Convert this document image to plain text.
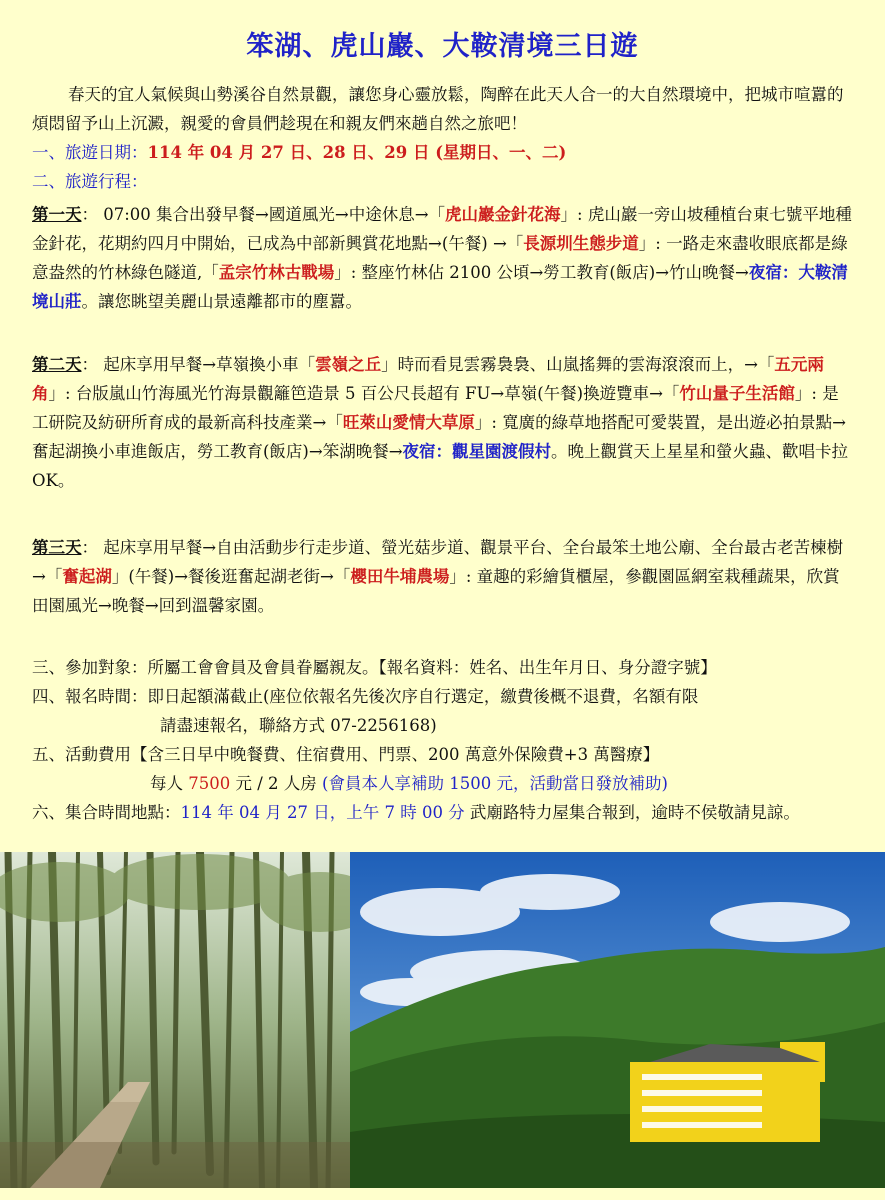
笨湖、虎山巖、大鞍清境三日遊

春天的宜人氣候與山勢溪谷自然景觀，讓您身心靈放鬆，陶醉在此天人合一的大自然環境中，把城市喧囂的煩悶留予山上沉澱，親愛的會員們趁現在和親友們來趟自然之旅吧！

一、旅遊日期：114 年 04 月 27 日、28 日、29 日 (星期日、一、二)

二、旅遊行程：

第一天： 07:00 集合出發早餐→國道風光→中途休息→「虎山巖金針花海」: 虎山巖一旁山坡種植台東七號平地種金針花，花期約四月中開始，已成為中部新興賞花地點→(午餐) →「長源圳生態步道」: 一路走來盡收眼底都是綠意盎然的竹林綠色隧道,「孟宗竹林古戰場」: 整座竹林佔 2100 公頃→勞工教育(飯店)→竹山晚餐→夜宿：大鞍清境山莊。讓您眺望美麗山景遠離都市的塵囂。

第二天： 起床享用早餐→草嶺換小車「雲嶺之丘」時而看見雲霧裊裊、山嵐搖舞的雲海滾滾而上，→「五元兩角」: 台版嵐山竹海風光竹海景觀籬笆造景 5 百公尺長超有 FU→草嶺(午餐)換遊覽車→「竹山量子生活館」: 是工研院及紡研所育成的最新高科技產業→「旺萊山愛情大草原」: 寬廣的綠草地搭配可愛裝置，是出遊必拍景點→奮起湖換小車進飯店，勞工教育(飯店)→笨湖晚餐→夜宿：觀星園渡假村。晚上觀賞天上星星和螢火蟲、歡唱卡拉 OK。

第三天： 起床享用早餐→自由活動步行走步道、螢光菇步道、觀景平台、全台最笨土地公廟、全台最古老苦楝樹→「奮起湖」(午餐)→餐後逛奮起湖老街→「櫻田牛埔農場」: 童趣的彩繪貨櫃屋，參觀園區網室栽種蔬果，欣賞田園風光→晚餐→回到溫馨家園。

三、參加對象：所屬工會會員及會員眷屬親友。【報名資料：姓名、出生年月日、身分證字號】

四、報名時間：即日起額滿截止(座位依報名先後次序自行選定，繳費後概不退費，名額有限

請盡速報名，聯絡方式 07-2256168)

五、活動費用【含三日早中晚餐費、住宿費用、門票、200 萬意外保險費+3 萬醫療】

每人 7500 元 / 2 人房 (會員本人享補助 1500 元，活動當日發放補助)

六、集合時間地點：114 年 04 月 27 日，上午 7 時 00 分 武廟路特力屋集合報到，逾時不侯敬請見諒。
